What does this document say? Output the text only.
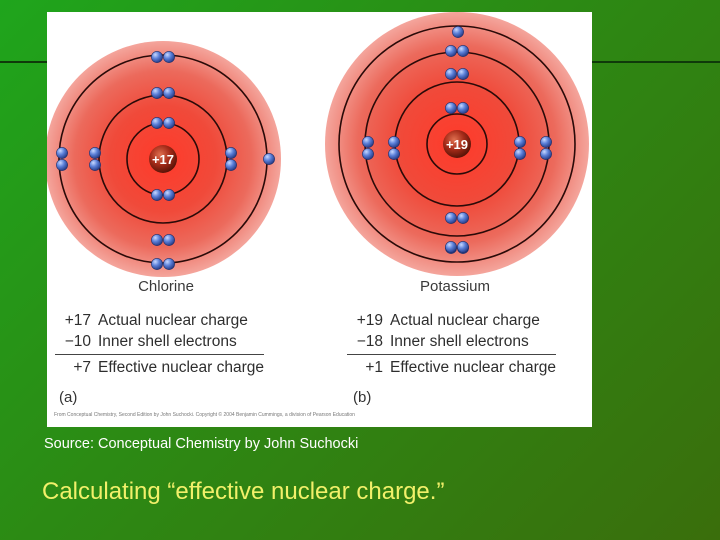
+17
+19
Chlorine	Potassium
+17 Actual nuclear charge
−10 Inner shell electrons
+7 Effective nuclear charge
+19 Actual nuclear charge
−18 Inner shell electrons
+1 Effective nuclear charge
(a)	(b)
From Conceptual Chemistry, Second Edition by John Suchocki. Copyright © 2004 Benjamin Cummings, a division of Pearson Education
Source: Conceptual Chemistry by John Suchocki
Calculating “effective nuclear charge.”
